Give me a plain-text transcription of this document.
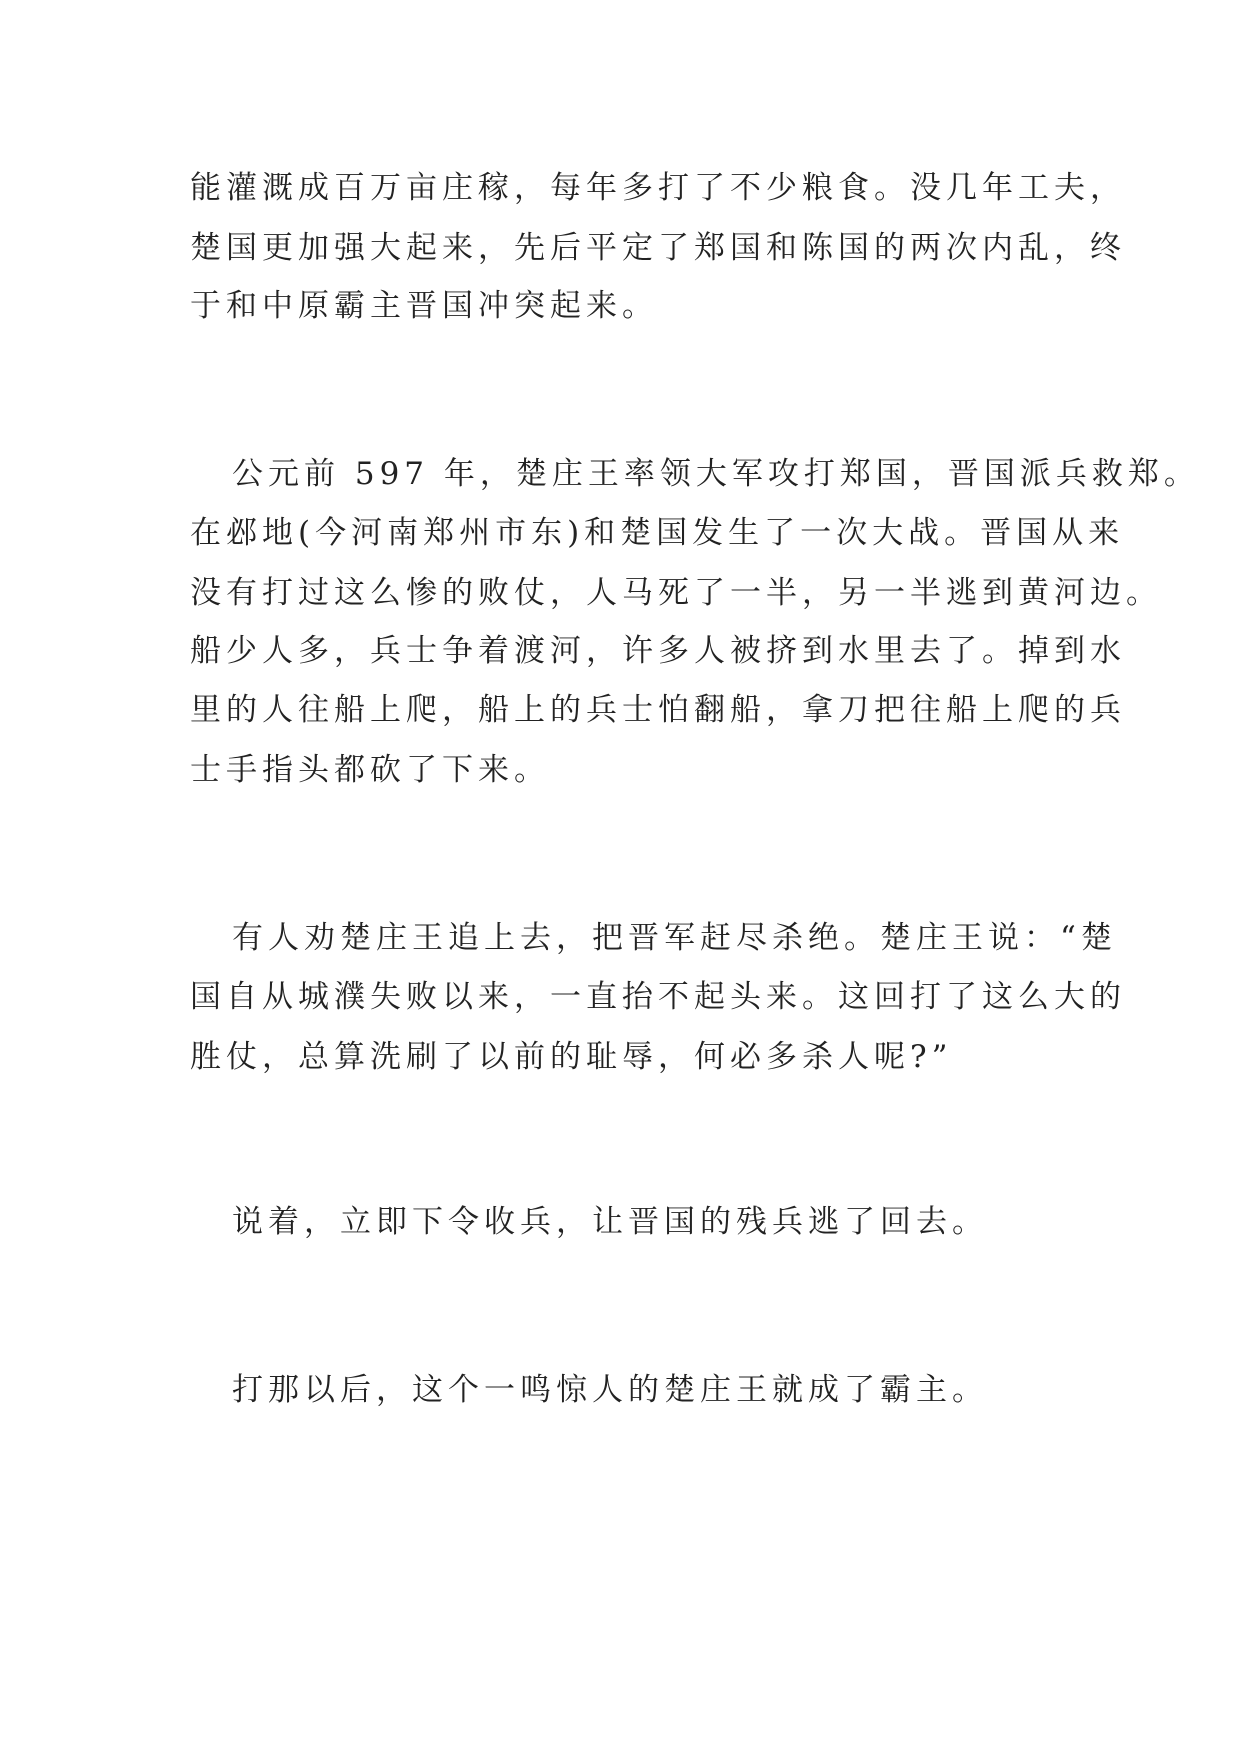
能灌溉成百万亩庄稼，每年多打了不少粮食。没几年工夫，

楚国更加强大起来，先后平定了郑国和陈国的两次内乱，终

于和中原霸主晋国冲突起来。

公元前 597 年，楚庄王率领大军攻打郑国，晋国派兵救郑。

在邲地(今河南郑州市东)和楚国发生了一次大战。晋国从来

没有打过这么惨的败仗，人马死了一半，另一半逃到黄河边。

船少人多，兵士争着渡河，许多人被挤到水里去了。掉到水

里的人往船上爬，船上的兵士怕翻船，拿刀把往船上爬的兵

士手指头都砍了下来。

有人劝楚庄王追上去，把晋军赶尽杀绝。楚庄王说：“楚

国自从城濮失败以来，一直抬不起头来。这回打了这么大的

胜仗，总算洗刷了以前的耻辱，何必多杀人呢?”

说着，立即下令收兵，让晋国的残兵逃了回去。

打那以后，这个一鸣惊人的楚庄王就成了霸主。
